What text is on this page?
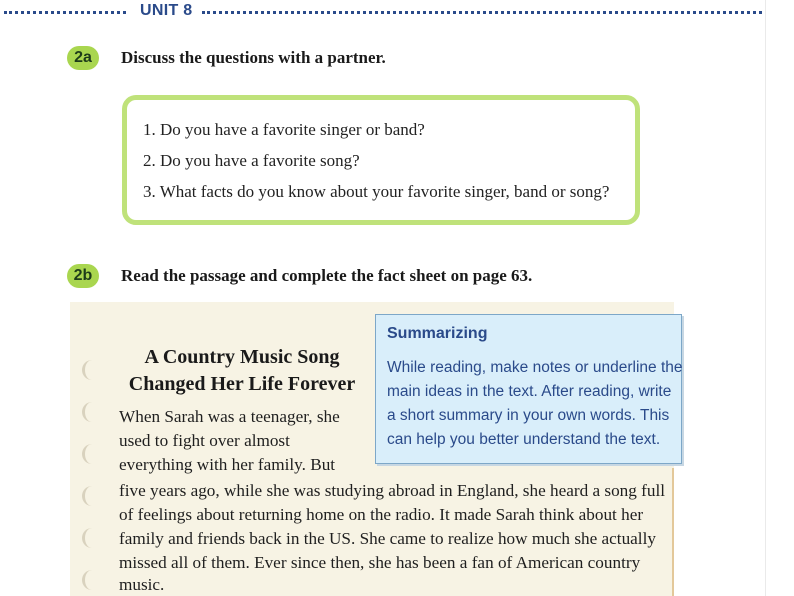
UNIT 8
2a	Discuss the questions with a partner.
1. Do you have a favorite singer or band?
2. Do you have a favorite song?
3. What facts do you know about your favorite singer, band or song?
2b	Read the passage and complete the fact sheet on page 63.
A Country Music Song
Changed Her Life Forever
When Sarah was a teenager, she
used to fight over almost
everything with her family. But
five years ago, while she was studying abroad in England, she heard a song full
of feelings about returning home on the radio. It made Sarah think about her
family and friends back in the US. She came to realize how much she actually
missed all of them. Ever since then, she has been a fan of American country
music.
Summarizing
While reading, make notes or underline the
main ideas in the text. After reading, write
a short summary in your own words. This
can help you better understand the text.
